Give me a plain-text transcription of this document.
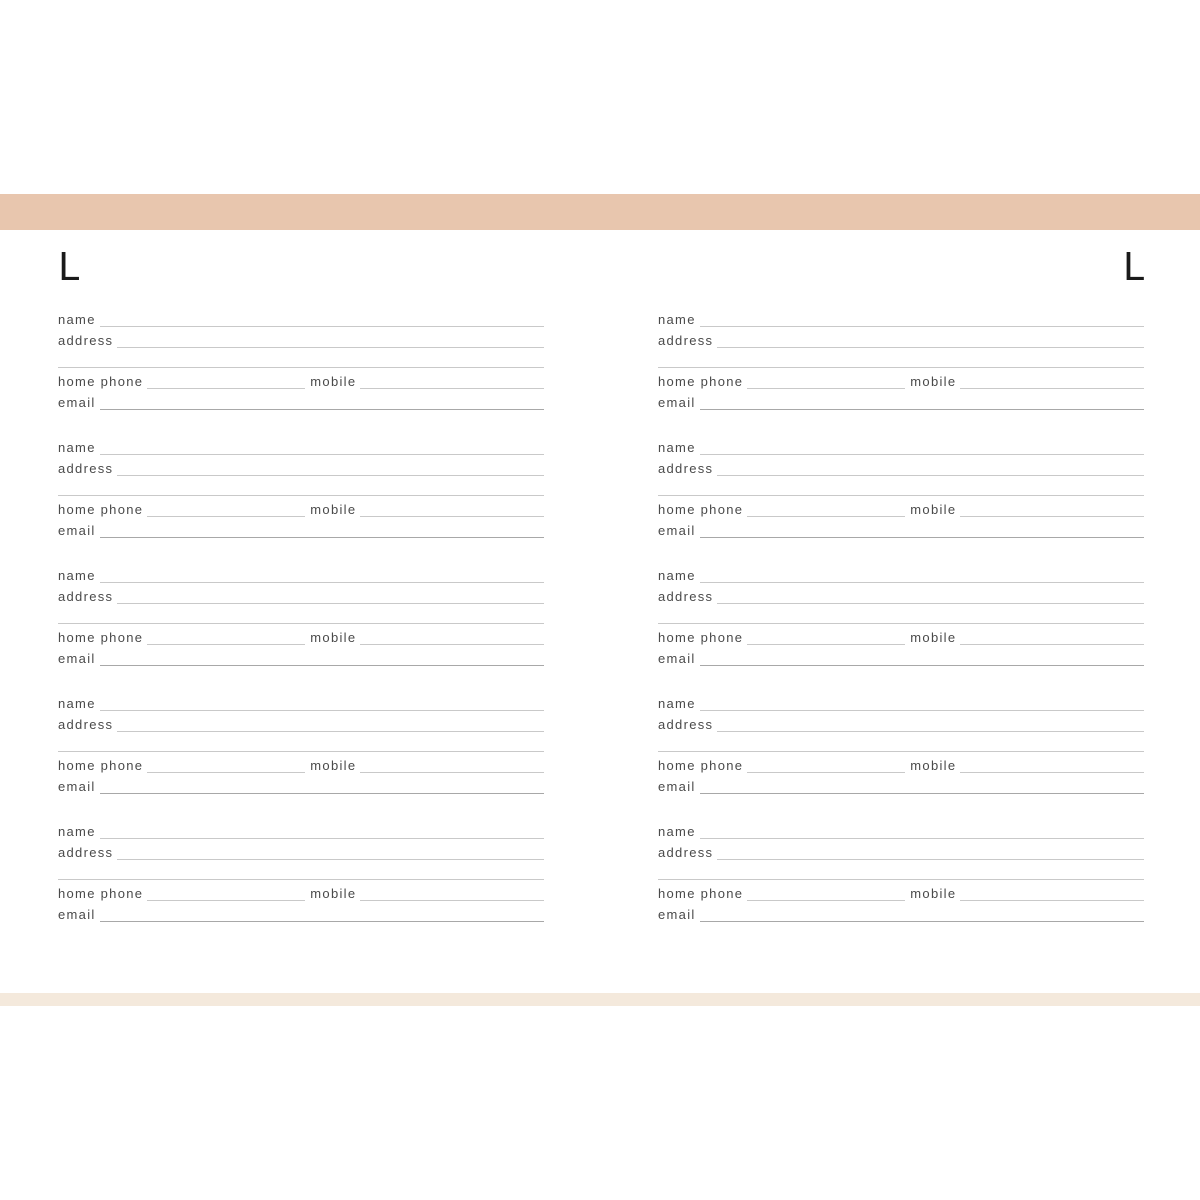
L
name
address
home phone	mobile
email
name
address
home phone	mobile
email
name
address
home phone	mobile
email
name
address
home phone	mobile
email
name
address
home phone	mobile
email
L
name
address
home phone	mobile
email
name
address
home phone	mobile
email
name
address
home phone	mobile
email
name
address
home phone	mobile
email
name
address
home phone	mobile
email
